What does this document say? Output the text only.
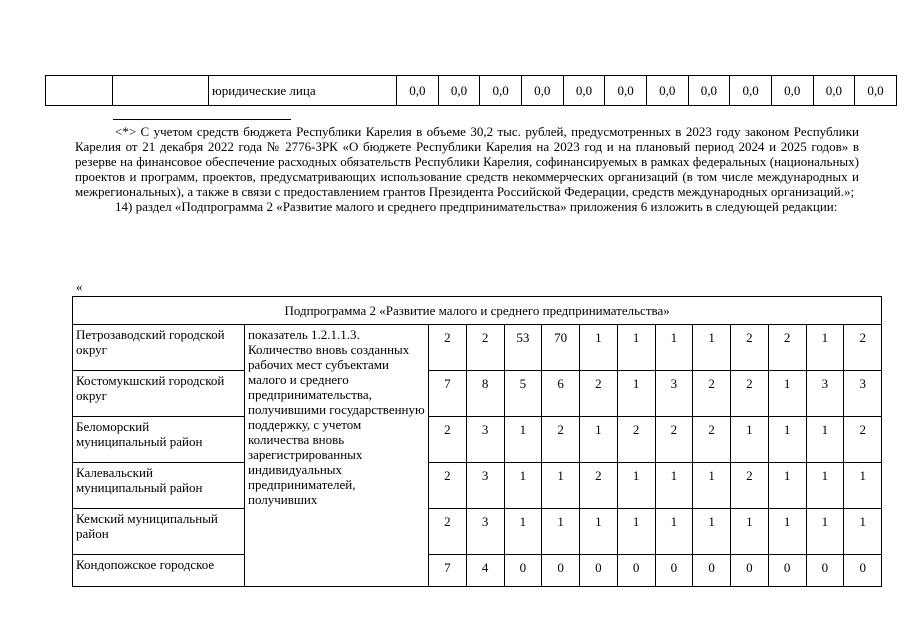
		юридические лица	0,0	0,0	0,0	0,0	0,0	0,0	0,0	0,0	0,0	0,0	0,0	0,0

<*> С учетом средств бюджета Республики Карелия в объеме 30,2 тыс. рублей, предусмотренных в 2023 году законом Республики Карелия от 21 декабря 2022 года № 2776-ЗРК «О бюджете Республики Карелия на 2023 год и на плановый период 2024 и 2025 годов» в резерве на финансовое обеспечение расходных обязательств Республики Карелия, софинансируемых в рамках федеральных (национальных) проектов и программ, проектов, предусматривающих использование средств некоммерческих организаций (в том числе международных и межрегиональных), а также в связи с предоставлением грантов Президента Российской Федерации, средств международных организаций.»;

14) раздел «Подпрограмма 2 «Развитие малого и среднего предпринимательства» приложения 6 изложить в следующей редакции:

«
Подпрограмма 2 «Развитие малого и среднего предпринимательства»													
Петрозаводский городской округ	показатель 1.2.1.1.3. Количество вновь созданных рабочих мест субъектами малого и среднего предпринимательства, получившими государственную поддержку, с учетом количества вновь зарегистрированных индивидуальных предпринимателей, получивших	2	2	53	70	1	1	1	1	2	2	1	2
Костомукшский городской округ		7	8	5	6	2	1	3	2	2	1	3	3
Беломорский муниципальный район		2	3	1	2	1	2	2	2	1	1	1	2
Калевальский муниципальный район		2	3	1	1	2	1	1	1	2	1	1	1
Кемский муниципальный район		2	3	1	1	1	1	1	1	1	1	1	1
Кондопожское городское		7	4	0	0	0	0	0	0	0	0	0	0
